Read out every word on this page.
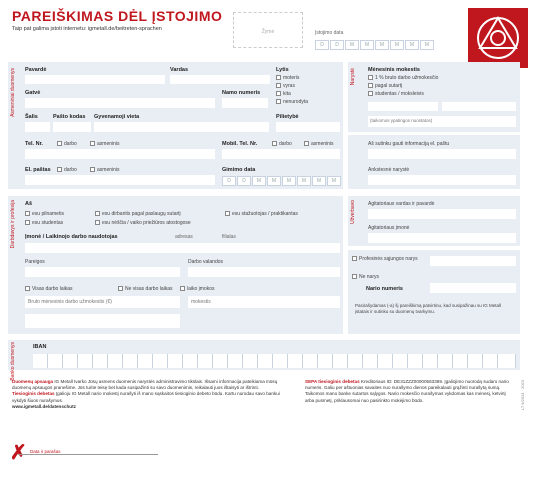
PAREIŠKIMAS DĖL ĮSTOJIMO
Taip pat galima įstoti internetu: igmetall.de/beitreten-sprachen	Žymė	Įstojimo data
D	D	M	M	M	M	M	M
Asmeniniai duomenys Pavardė	Vardas	Lytis
moteris
vyras
kita
nenurodyta
Gatvė	Namo numeris
Šalis	Pašto kodas Gyvenamoji vieta	Pilietybė
Tel. Nr.	darbo	asmeninis	Mobil. Tel. Nr.	darbo	asmeninis
El. paštas	darbo	asmeninis	Gimimo data
D	D	M	M	M	M	M	M
Narystė Mėnesinis mokestis
1 % bruto darbo užmokesčio
pagal sutartį
studentas / moksleivis
(taikomos ypatingos nuostatos)
Aš sutinku gauti informaciją el. paštu
Ankstesnė narystė
Darbdavys ir profesija Aš
esu pilnametis	esu dirbantis pagal paslaugų sutartį	esu stažuotojas / praktikantas
esu studentas	esu nėščia / vaiko priežiūros atostogose
Įmonė / Laikinojo darbo naudotojas	adresas	filialas
Pareigos	Darbo valandos
Visas darbo laikas	Ne visas darbo laikas	laiko įmokos
Bruto mėnesinis darbo užmokestis (€)	mokestis
Užverbavo Agitatoriaus vardas ir pavardė
Agitatoriaus įmonė
Profesinės sąjungos narys
Ne narys
Nario numeris
Pasirašydamas (-a) šį pareiškimą patvirtinu, kad susipažinau su IG Metall įstatais ir sutinku su duomenų tvarkymu.
Banko duomenys	IBAN
Duomenų apsauga IG Metall tvarko Jūsų asmens duomenis narystės administravimo tikslais. Išsami informacija pateikiama mūsų duomenų apsaugos pranešime. Jūs turite teisę bet kada susipažinti su savo duomenimis, reikalauti juos ištaisyti ar ištrinti.
Tiesioginis debetas Įgalioju IG Metall nario mokestį nurašyti iš mano sąskaitos tiesioginio debeto būdu. Kartu nurodau savo bankui vykdyti šiuos nurašymus.
www.igmetall.de/datenschutz
SEPA tiesioginis debetas Kreditoriaus ID: DE31ZZZ00000563369. Įgaliojimo nuorodą sudaro nario numeris. Galiu per aštuonias savaites nuo nurašymo dienos pareikalauti grąžinti nurašytą sumą. Taikomos mano banke sutartos sąlygos. Nario mokesčio nurašymas vykdomas kas mėnesį, ketvirtį arba pusmetį, priklausomai nuo pasirinkto mokėjimo būdo.	LT 9/2024 · 2023
✗ Data ir parašas
